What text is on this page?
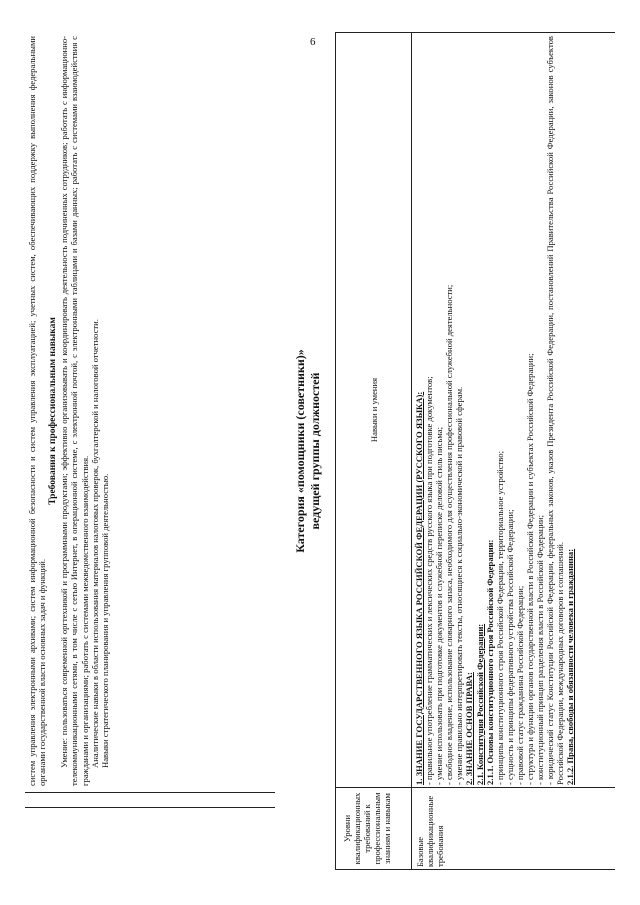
6

систем управления электронными архивами; систем информационной безопасности и систем управления эксплуатацией; учетных систем, обеспечивающих поддержку выполнения федеральными органами государственной власти основных задач и функций.

Требования к профессиональным навыкам Умение: пользоваться современной оргтехникой и программными продуктами; эффективно организовывать и координировать деятельность подчиненных сотрудников; работать с информационно-телекоммуникационными сетями, в том числе с сетью Интернет, в операционной системе, с электронной почтой, с электронными таблицами и базами данных; работать с системами взаимодействия с гражданами и организациями; работать с системами межведомственного взаимодействия. Аналитические навыки в области использования материалов налоговых проверок, бухгалтерской и налоговой отчетности. Навыки стратегического планирования и управления групповой деятельностью.

Категория «помощники (советники)» ведущей группы должностей
Уровни квалификационных требований к профессиональным знаниям и навыкам
Навыки и умения
Базовые квалификационные требования

1. ЗНАНИЕ ГОСУДАРСТВЕННОГО ЯЗЫКА РОССИЙСКОЙ ФЕДЕРАЦИИ (РУССКОГО ЯЗЫКА): - правильное употребление грамматических и лексических средств русского языка при подготовке документов; - умение использовать при подготовке документов и служебной переписке деловой стиль письма; - свободное владение, использование словарного запаса, необходимого для осуществления профессиональной служебной деятельности; - умение правильно интерпретировать тексты, относящиеся к социально-экономической и правовой сферам. 2. ЗНАНИЕ ОСНОВ ПРАВА: 2.1. Конституция Российской Федерации: 2.1.1. Основы конституционного строя Российской Федерации: - принципы конституционного строя Российской Федерации, территориальное устройство; - сущность и принципы федеративного устройства Российской Федерации; - правовой статус гражданина Российской Федерации; - структура и функции органов государственной власти в Российской Федерации и субъектах Российской Федерации; - конституционный принцип разделения власти в Российской Федерации; - юридический статус Конституции Российской Федерации, федеральных законов, указов Президента Российской Федерации, постановлений Правительства Российской Федерации, законов субъектов Российской Федерации, международных договоров и соглашений. 2.1.2. Права, свободы и обязанности человека и гражданина:
